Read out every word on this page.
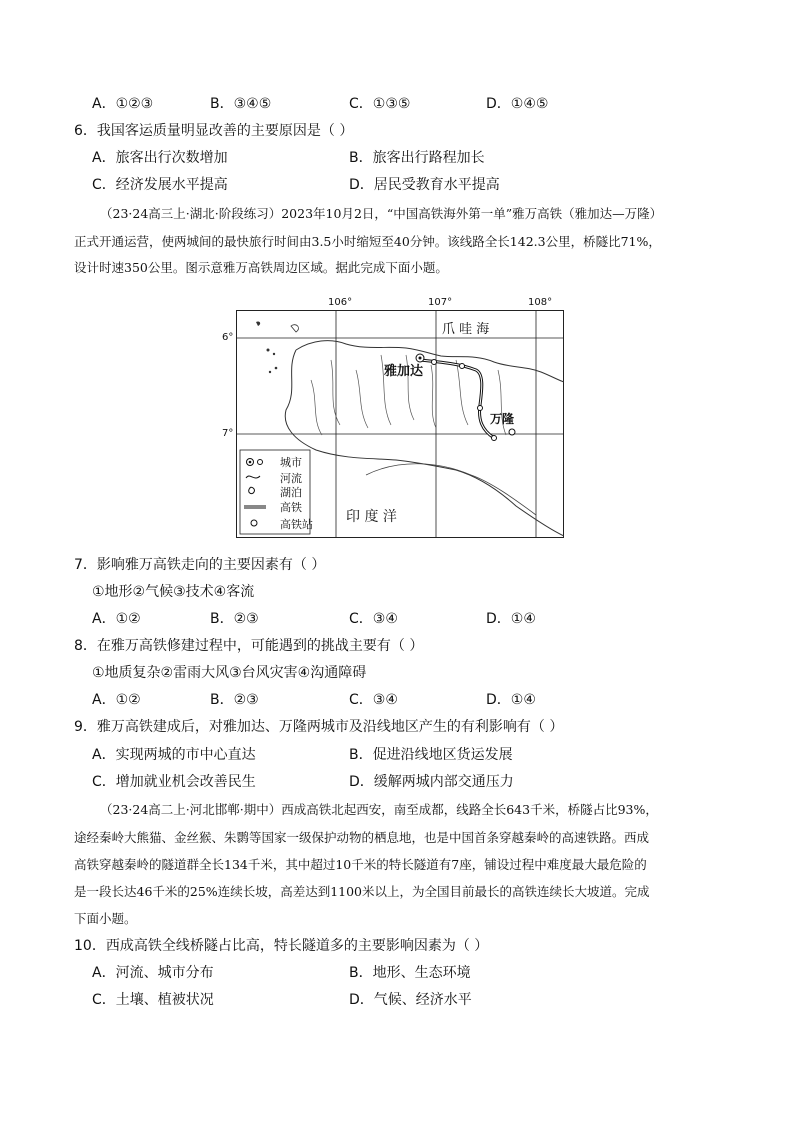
A．①②③	B．③④⑤	C．①③⑤	D．①④⑤
6．我国客运质量明显改善的主要原因是（ ）
A．旅客出行次数增加	B．旅客出行路程加长
C．经济发展水平提高	D．居民受教育水平提高
（23·24高三上·湖北·阶段练习）2023年10月2日，“中国高铁海外第一单”雅万高铁（雅加达—万隆）
正式开通运营，使两城间的最快旅行时间由3.5小时缩短至40分钟。该线路全长142.3公里，桥隧比71%，
设计时速350公里。图示意雅万高铁周边区域。据此完成下面小题。
106°	107°	108°
6°
7°
爪 哇 海
印 度 洋
雅加达
万隆
城市
河流
湖泊
高铁
高铁站
7．影响雅万高铁走向的主要因素有（ ）
①地形②气候③技术④客流
A．①②	B．②③	C．③④	D．①④
8．在雅万高铁修建过程中，可能遇到的挑战主要有（ ）
①地质复杂②雷雨大风③台风灾害④沟通障碍
A．①②	B．②③	C．③④	D．①④
9．雅万高铁建成后，对雅加达、万隆两城市及沿线地区产生的有利影响有（ ）
A．实现两城的市中心直达	B．促进沿线地区货运发展
C．增加就业机会改善民生	D．缓解两城内部交通压力
（23·24高二上·河北邯郸·期中）西成高铁北起西安，南至成都，线路全长643千米，桥隧占比93%，
途经秦岭大熊猫、金丝猴、朱鹮等国家一级保护动物的栖息地，也是中国首条穿越秦岭的高速铁路。西成
高铁穿越秦岭的隧道群全长134千米，其中超过10千米的特长隧道有7座，铺设过程中难度最大最危险的
是一段长达46千米的25%连续长坡，高差达到1100米以上，为全国目前最长的高铁连续长大坡道。完成
下面小题。
10．西成高铁全线桥隧占比高，特长隧道多的主要影响因素为（ ）
A．河流、城市分布	B．地形、生态环境
C．土壤、植被状况	D．气候、经济水平
